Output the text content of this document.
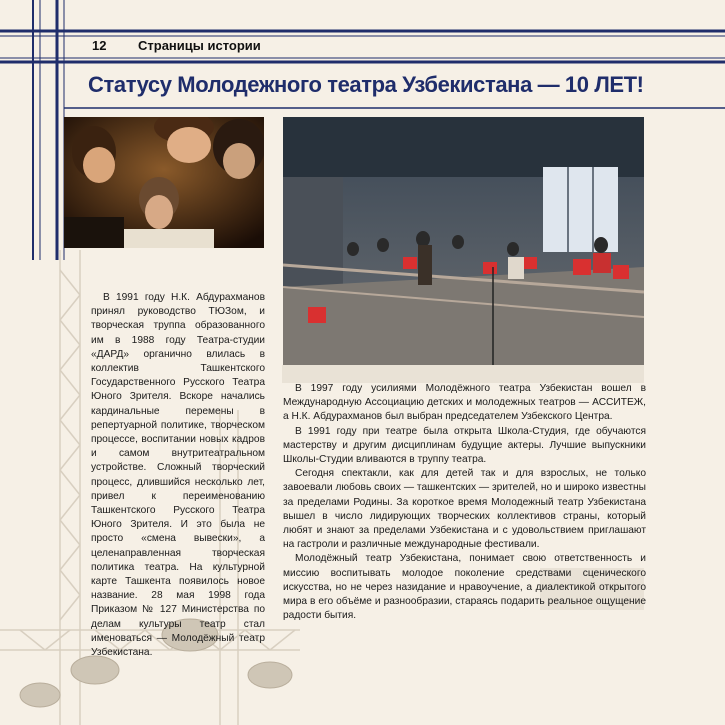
12 Страницы истории
Статусу Молодежного театра Узбекистана — 10 ЛЕТ!

В 1991 году Н.К. Абдурахманов принял руководство ТЮЗом, и творческая труппа образованного им в 1988 году Театра-студии «ДАРД» органично влилась в коллектив Ташкентского Государственного Русского Театра Юного Зрителя. Вскоре начались кардинальные перемены в репертуарной политике, творческом процессе, воспитании новых кадров и самом внутритеатральном устройстве. Сложный творческий процесс, длившийся несколько лет, привел к переименованию Ташкентского Русского Театра Юного Зрителя. И это была не просто «смена вывески», а целенаправленная творческая политика театра. На культурной карте Ташкента появилось новое название. 28 мая 1998 года Приказом № 127 Министерства по делам культуры театр стал именоваться — Молодёжный театр Узбекистана.

В 1997 году усилиями Молодёжного театра Узбекистан вошел в Международную Ассоциацию детских и молодежных театров — АССИТЕЖ, а Н.К. Абдурахманов был выбран председателем Узбекского Центра.

В 1991 году при театре была открыта Школа-Студия, где обучаются мастерству и другим дисциплинам будущие актеры. Лучшие выпускники Школы-Студии вливаются в труппу театра.

Сегодня спектакли, как для детей так и для взрослых, не только завоевали любовь своих — ташкентских — зрителей, но и широко известны за пределами Родины. За короткое время Молодежный театр Узбекистана вышел в число лидирующих творческих коллективов страны, который любят и знают за пределами Узбекистана и с удовольствием приглашают на гастроли и различные международные фестивали.

Молодёжный театр Узбекистана, понимает свою ответственность и миссию воспитывать молодое поколение средствами сценического искусства, но не через назидание и нравоучение, а диалектикой открытого мира в его объёме и разнообразии, стараясь подарить реальное ощущение радости бытия.
